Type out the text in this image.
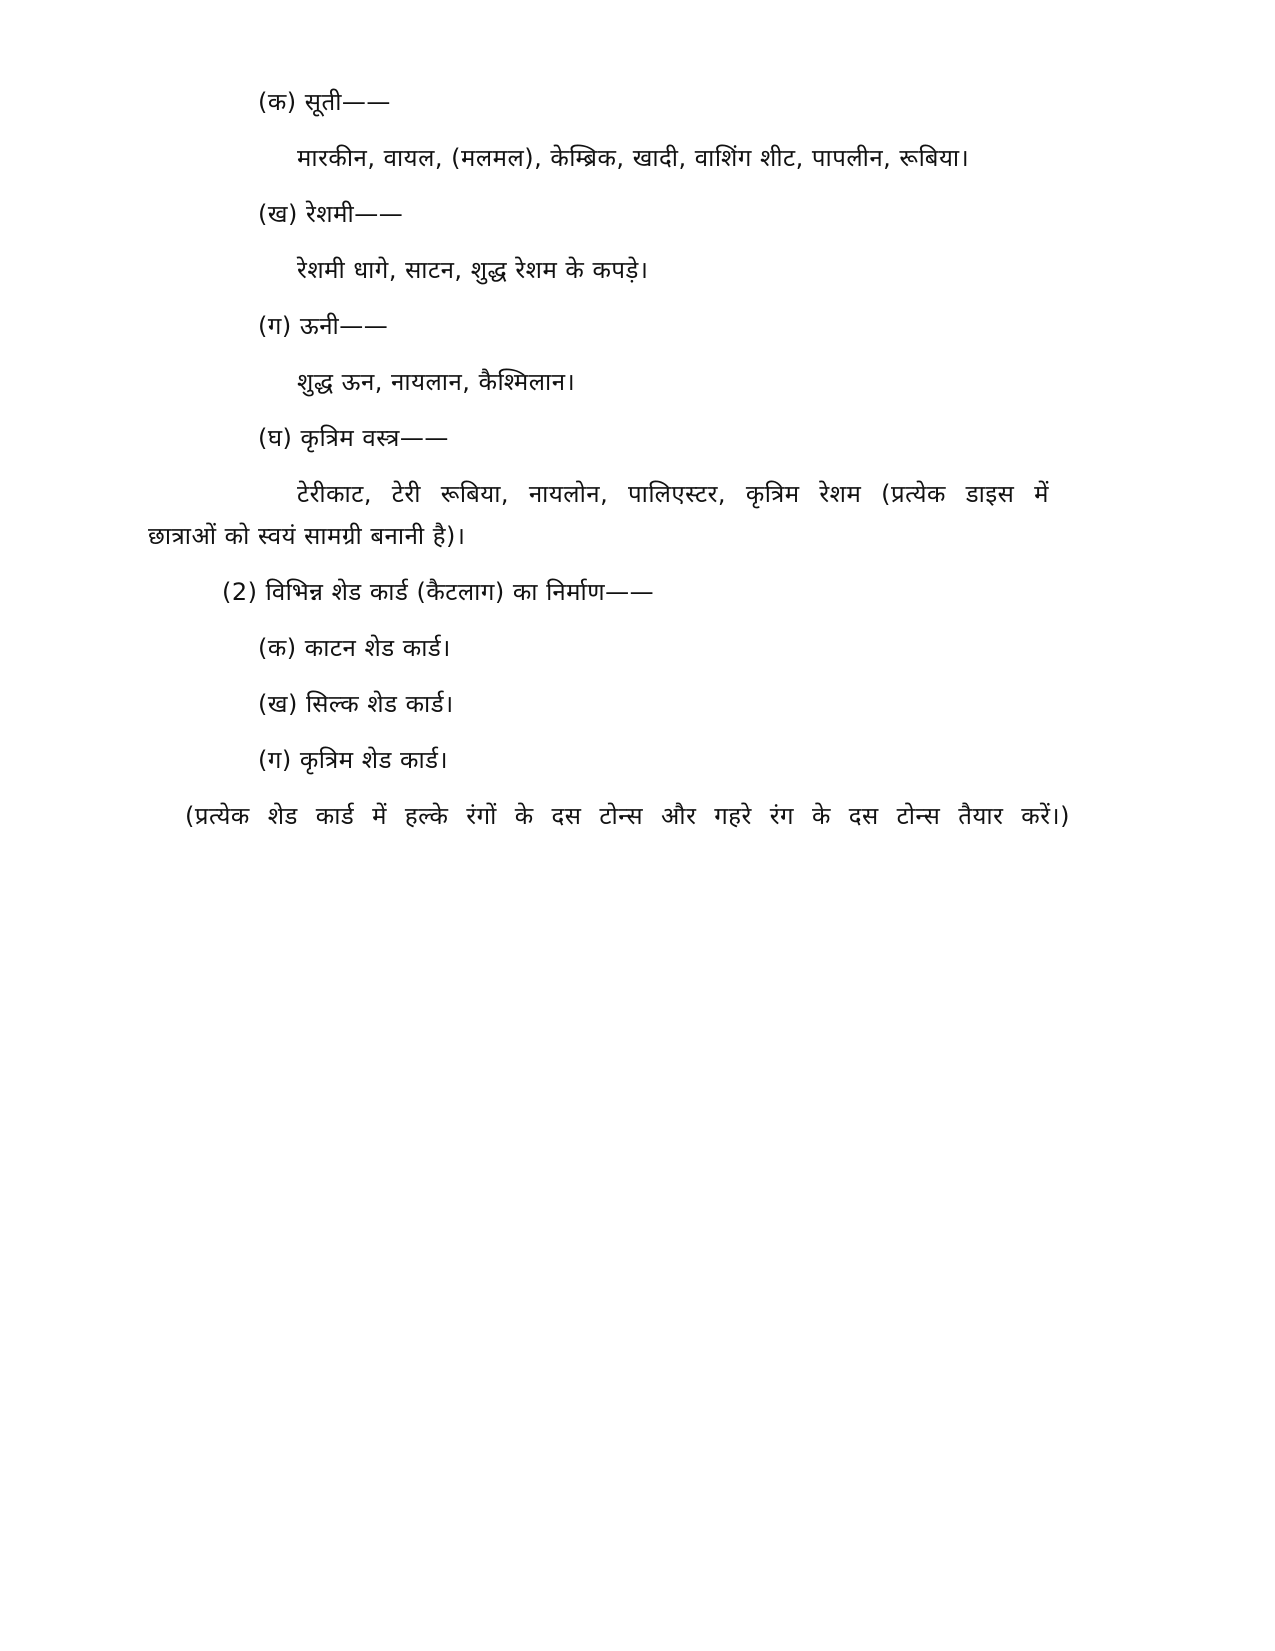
(क) सूती——
मारकीन, वायल, (मलमल), केम्ब्रिक, खादी, वाशिंग शीट, पापलीन, रूबिया।
(ख) रेशमी——
रेशमी धागे, साटन, शुद्ध रेशम के कपड़े।
(ग) ऊनी——
शुद्ध ऊन, नायलान, कैश्मिलान।
(घ) कृत्रिम वस्त्र——
टेरीकाट, टेरी रूबिया, नायलोन, पालिएस्टर, कृत्रिम रेशम (प्रत्येक डाइस में
छात्राओं को स्वयं सामग्री बनानी है)।
(2) विभिन्न शेड कार्ड (कैटलाग) का निर्माण——
(क) काटन शेड कार्ड।
(ख) सिल्क शेड कार्ड।
(ग) कृत्रिम शेड कार्ड।
(प्रत्येक शेड कार्ड में हल्के रंगों के दस टोन्स और गहरे रंग के दस टोन्स तैयार करें।)
